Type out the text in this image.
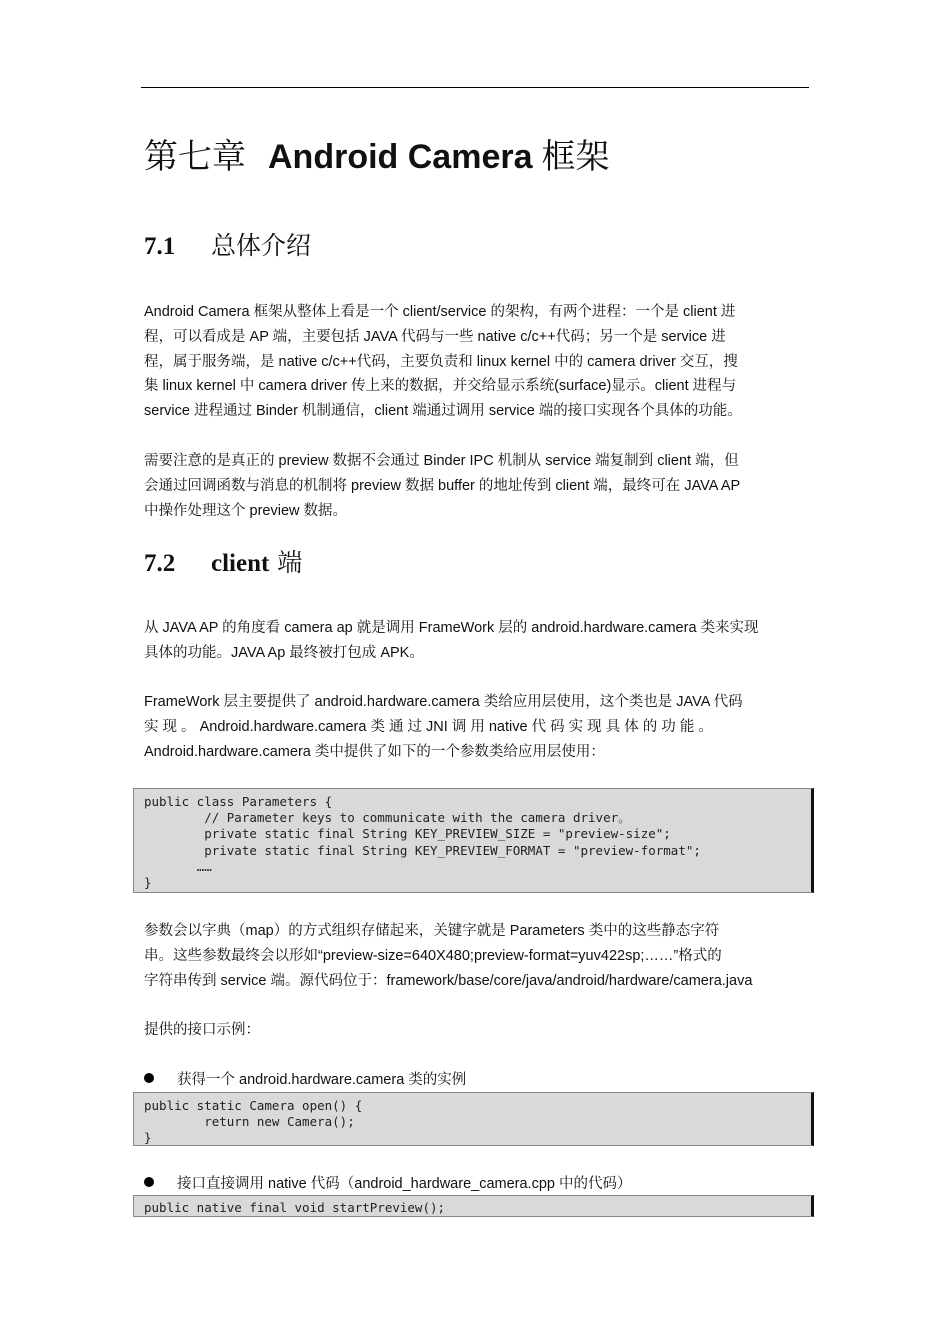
第七章 Android Camera 框架
7.1 总体介绍
Android Camera 框架从整体上看是一个 client/service 的架构，有两个进程：一个是 client 进
程，可以看成是 AP 端，主要包括 JAVA 代码与一些 native c/c++代码；另一个是 service 进
程，属于服务端，是 native c/c++代码，主要负责和 linux kernel 中的 camera driver 交互，搜
集 linux kernel 中 camera driver 传上来的数据，并交给显示系统(surface)显示。client 进程与
service 进程通过 Binder 机制通信，client 端通过调用 service 端的接口实现各个具体的功能。
需要注意的是真正的 preview 数据不会通过 Binder IPC 机制从 service 端复制到 client 端，但
会通过回调函数与消息的机制将 preview 数据 buffer 的地址传到 client 端，最终可在 JAVA AP
中操作处理这个 preview 数据。
7.2 client 端
从 JAVA AP 的角度看 camera ap 就是调用 FrameWork 层的 android.hardware.camera 类来实现
具体的功能。JAVA Ap 最终被打包成 APK。
FrameWork 层主要提供了 android.hardware.camera 类给应用层使用，这个类也是 JAVA 代码
实 现 。 Android.hardware.camera 类 通 过 JNI 调 用 native 代 码 实 现 具 体 的 功 能 。
Android.hardware.camera 类中提供了如下的一个参数类给应用层使用：
public class Parameters {
// Parameter keys to communicate with the camera driver。
private static final String KEY_PREVIEW_SIZE = "preview-size";
private static final String KEY_PREVIEW_FORMAT = "preview-format";
……
}
参数会以字典（map）的方式组织存储起来，关键字就是 Parameters 类中的这些静态字符
串。这些参数最终会以形如“preview-size=640X480;preview-format=yuv422sp;……”格式的
字符串传到 service 端。源代码位于：framework/base/core/java/android/hardware/camera.java
提供的接口示例：
获得一个 android.hardware.camera 类的实例
public static Camera open() {
return new Camera();
}
接口直接调用 native 代码（android_hardware_camera.cpp 中的代码）
public native final void startPreview();
